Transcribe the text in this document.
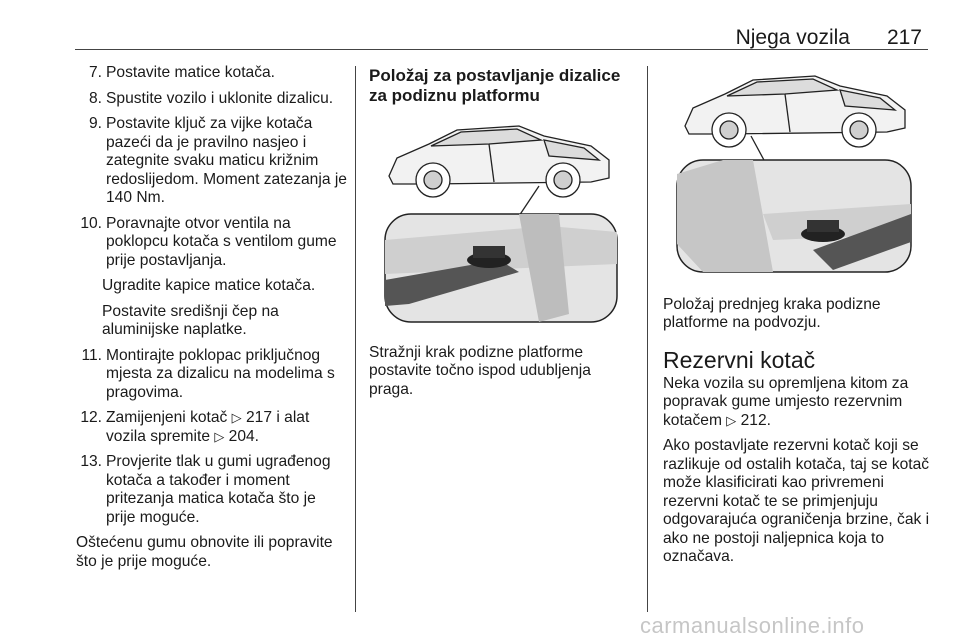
Njega vozila 217
7. Postavite matice kotača.
8. Spustite vozilo i uklonite dizalicu.
9. Postavite ključ za vijke kotača pazeći da je pravilno nasjeo i zategnite svaku maticu križnim redoslijedom. Moment zatezanja je 140 Nm.
10. Poravnajte otvor ventila na poklopcu kotača s ventilom gume prije postavljanja.
Ugradite kapice matice kotača.
Postavite središnji čep na aluminijske naplatke.
11. Montirajte poklopac priključnog mjesta za dizalicu na modelima s pragovima.
12. Zamijenjeni kotač ▷ 217 i alat vozila spremite ▷ 204.
13. Provjerite tlak u gumi ugrađenog kotača a također i moment pritezanja matica kotača što je prije moguće.
Oštećenu gumu obnovite ili popravite što je prije moguće.
Položaj za postavljanje dizalice za podiznu platformu
Stražnji krak podizne platforme postavite točno ispod udubljenja praga.
Položaj prednjeg kraka podizne platforme na podvozju.
Rezervni kotač
Neka vozila su opremljena kitom za popravak gume umjesto rezervnim kotačem ▷ 212.
Ako postavljate rezervni kotač koji se razlikuje od ostalih kotača, taj se kotač može klasificirati kao privremeni rezervni kotač te se primjenjuju odgovarajuća ograničenja brzine, čak i ako ne postoji naljepnica koja to označava.
carmanualsonline.info
